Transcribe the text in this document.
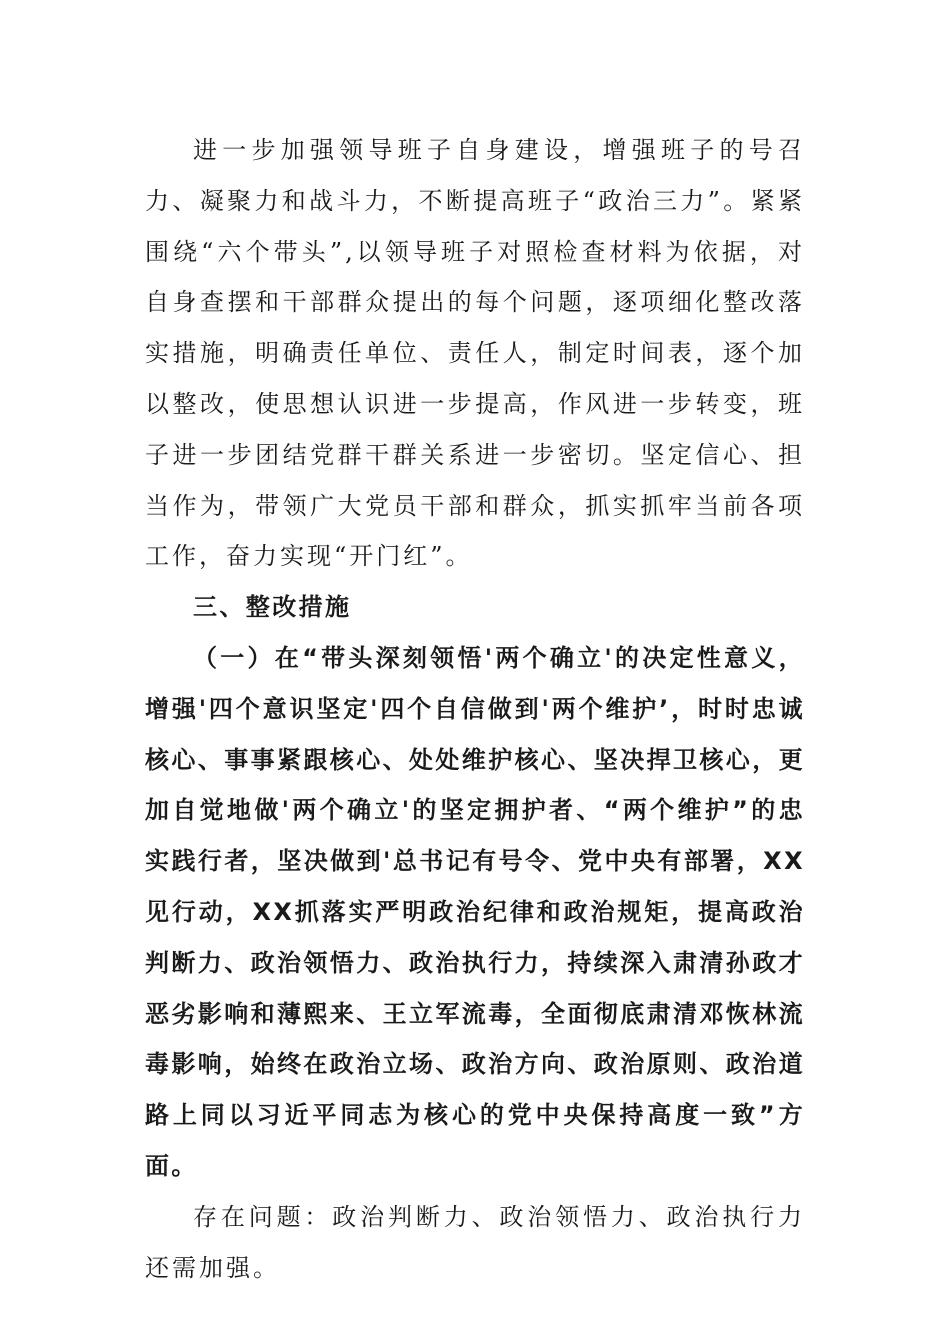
进一步加强领导班子自身建设，增强班子的号召力、凝聚力和战斗力，不断提高班子“政治三力”。紧紧围绕“六个带头”,以领导班子对照检查材料为依据，对自身查摆和干部群众提出的每个问题，逐项细化整改落实措施，明确责任单位、责任人，制定时间表，逐个加以整改，使思想认识进一步提高，作风进一步转变，班子进一步团结党群干群关系进一步密切。坚定信心、担当作为，带领广大党员干部和群众，抓实抓牢当前各项工作，奋力实现“开门红”。

三、整改措施

（一）在“带头深刻领悟'两个确立'的决定性意义，增强'四个意识坚定'四个自信做到'两个维护’，时时忠诚核心、事事紧跟核心、处处维护核心、坚决捍卫核心，更加自觉地做'两个确立'的坚定拥护者、“两个维护”的忠实践行者，坚决做到'总书记有号令、党中央有部署，XX见行动，XX抓落实严明政治纪律和政治规矩，提高政治判断力、政治领悟力、政治执行力，持续深入肃清孙政才恶劣影响和薄熙来、王立军流毒，全面彻底肃清邓恢林流毒影响，始终在政治立场、政治方向、政治原则、政治道路上同以习近平同志为核心的党中央保持高度一致”方面。

存在问题：政治判断力、政治领悟力、政治执行力还需加强。
